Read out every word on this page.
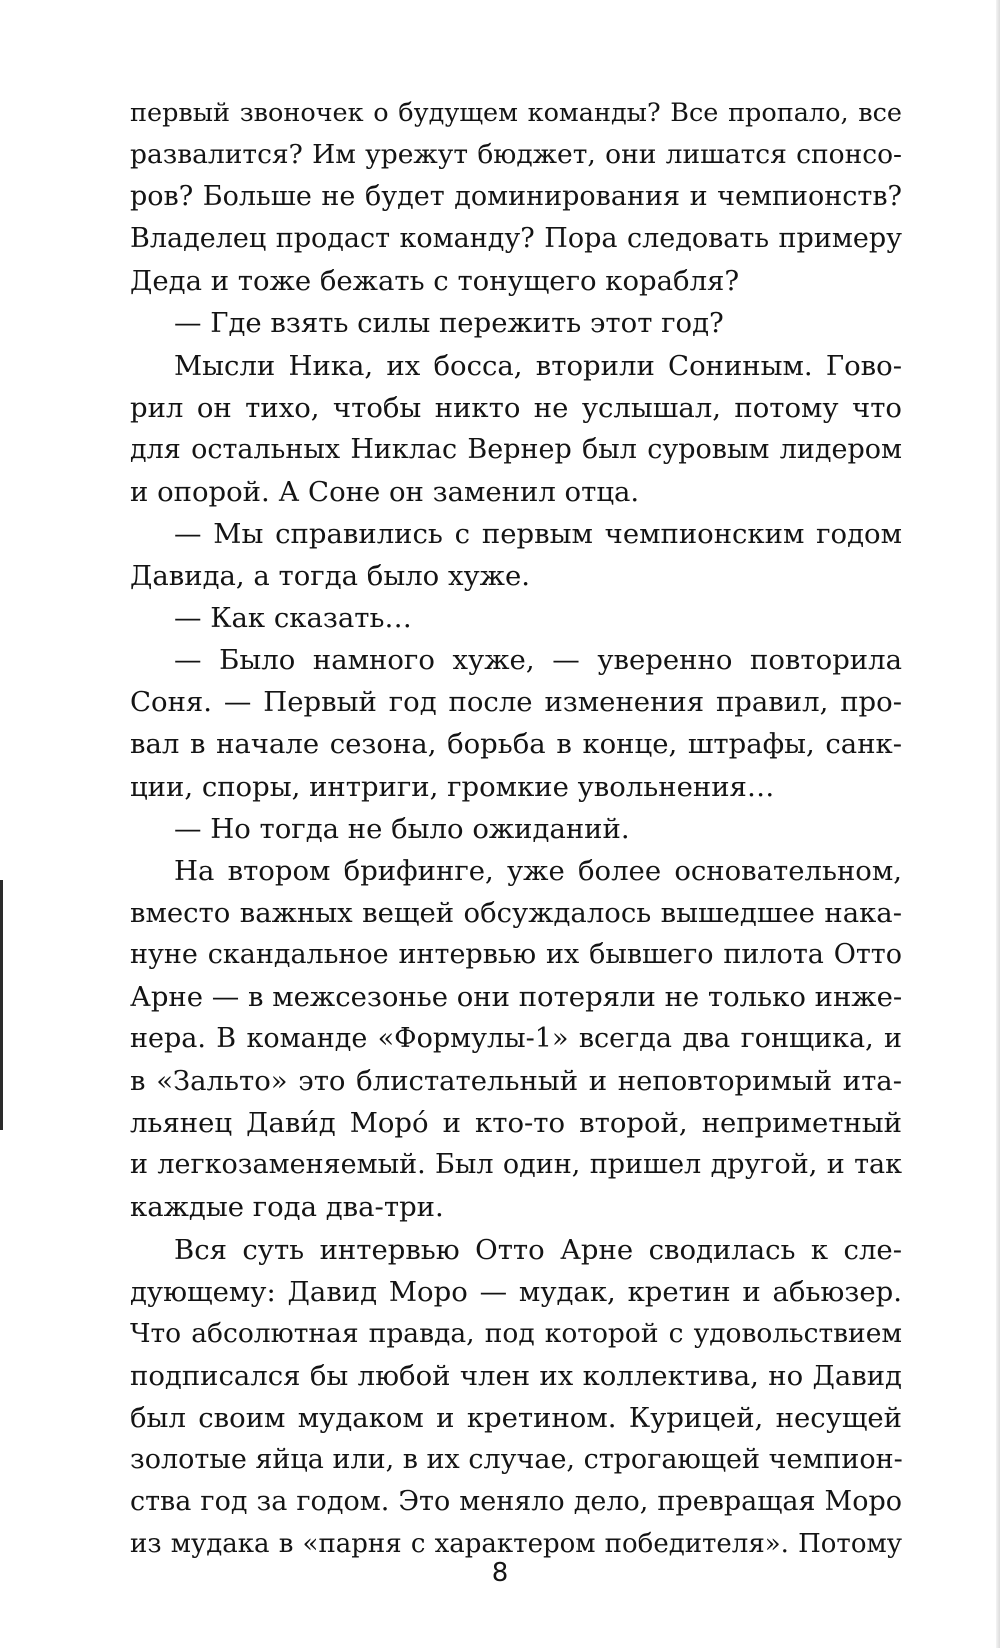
первый звоночек о будущем команды? Все пропало, все
развалится? Им урежут бюджет, они лишатся спонсо-
ров? Больше не будет доминирования и чемпионств?
Владелец продаст команду? Пора следовать примеру
Деда и тоже бежать с тонущего корабля?
— Где взять силы пережить этот год?
Мысли Ника, их босса, вторили Сониным. Гово-
рил он тихо, чтобы никто не услышал, потому что
для остальных Никлас Вернер был суровым лидером
и опорой. А Соне он заменил отца.
— Мы справились с первым чемпионским годом
Давида, а тогда было хуже.
— Как сказать…
— Было намного хуже, — уверенно повторила
Соня. — Первый год после изменения правил, про-
вал в начале сезона, борьба в конце, штрафы, санк-
ции, споры, интриги, громкие увольнения…
— Но тогда не было ожиданий.
На втором брифинге, уже более основательном,
вместо важных вещей обсуждалось вышедшее нака-
нуне скандальное интервью их бывшего пилота Отто
Арне — в межсезонье они потеряли не только инже-
нера. В команде «Формулы-1» всегда два гонщика, и
в «Зальто» это блистательный и неповторимый ита-
льянец Дави́д Моро́ и кто-то второй, неприметный
и легкозаменяемый. Был один, пришел другой, и так
каждые года два-три.
Вся суть интервью Отто Арне сводилась к сле-
дующему: Давид Моро — мудак, кретин и абьюзер.
Что абсолютная правда, под которой с удовольствием
подписался бы любой член их коллектива, но Давид
был своим мудаком и кретином. Курицей, несущей
золотые яйца или, в их случае, строгающей чемпион-
ства год за годом. Это меняло дело, превращая Моро
из мудака в «парня с характером победителя». Потому
8
